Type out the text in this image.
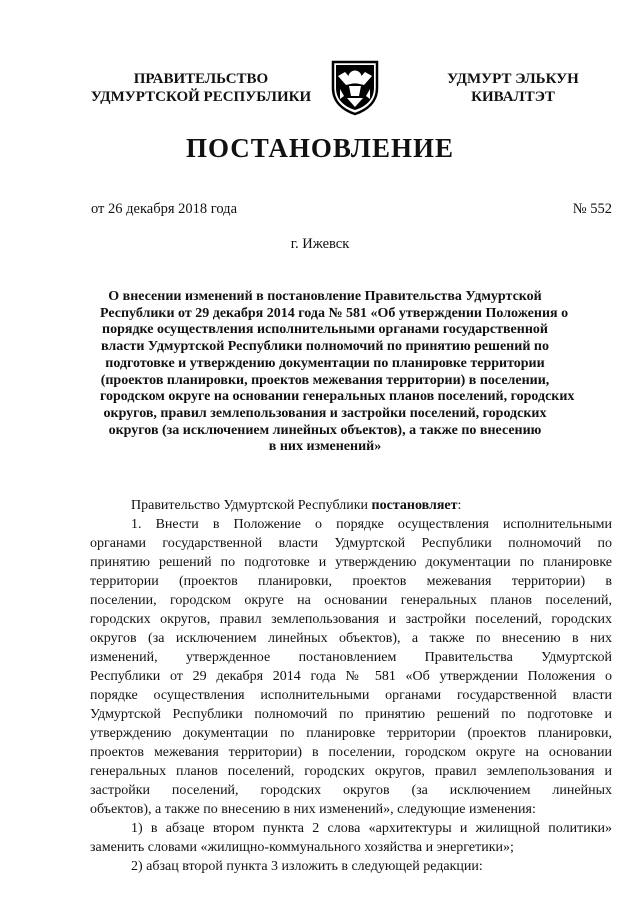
ПРАВИТЕЛЬСТВО
УДМУРТСКОЙ РЕСПУБЛИКИ
УДМУРТ ЭЛЬКУН
КИВАЛТЭТ
ПОСТАНОВЛЕНИЕ
от 26 декабря 2018 года	№ 552
г. Ижевск
О внесении изменений в постановление Правительства Удмуртской
Республики от 29 декабря 2014 года № 581 «Об утверждении Положения о
порядке осуществления исполнительными органами государственной
власти Удмуртской Республики полномочий по принятию решений по
подготовке и утверждению документации по планировке территории
(проектов планировки, проектов межевания территории) в поселении,
городском округе на основании генеральных планов поселений, городских
округов, правил землепользования и застройки поселений, городских
округов (за исключением линейных объектов), а также по внесению
в них изменений»
Правительство Удмуртской Республики постановляет:
1. Внести в Положение о порядке осуществления исполнительными
органами государственной власти Удмуртской Республики полномочий по
принятию решений по подготовке и утверждению документации по планировке
территории (проектов планировки, проектов межевания территории) в
поселении, городском округе на основании генеральных планов поселений,
городских округов, правил землепользования и застройки поселений, городских
округов (за исключением линейных объектов), а также по внесению в них
изменений, утвержденное постановлением Правительства Удмуртской
Республики от 29 декабря 2014 года № 581 «Об утверждении Положения о
порядке осуществления исполнительными органами государственной власти
Удмуртской Республики полномочий по принятию решений по подготовке и
утверждению документации по планировке территории (проектов планировки,
проектов межевания территории) в поселении, городском округе на основании
генеральных планов поселений, городских округов, правил землепользования и
застройки поселений, городских округов (за исключением линейных
объектов), а также по внесению в них изменений», следующие изменения:
1) в абзаце втором пункта 2 слова «архитектуры и жилищной политики»
заменить словами «жилищно-коммунального хозяйства и энергетики»;
2) абзац второй пункта 3 изложить в следующей редакции:
